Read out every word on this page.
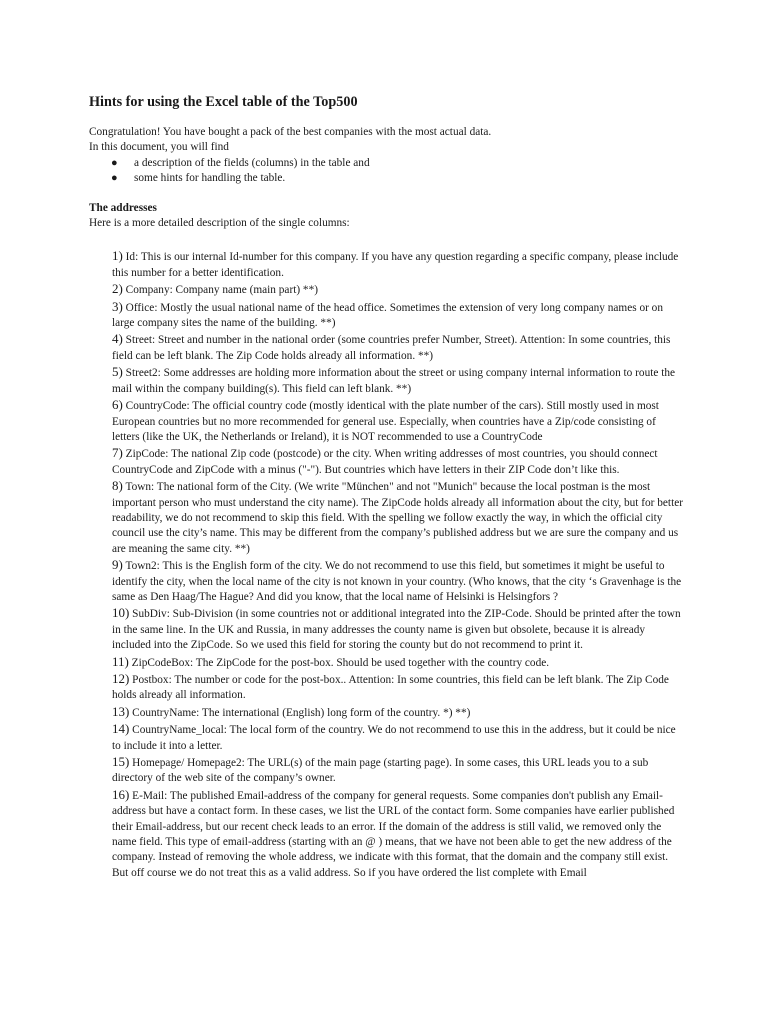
Hints for using the Excel table of the Top500

Congratulation! You have bought a pack of the best companies with the most actual data.

In this document, you will find

● a description of the fields (columns) in the table and
● some hints for handling the table.
The addresses

Here is a more detailed description of the single columns:

1) Id: This is our internal Id-number for this company. If you have any question regarding a specific company, please include this number for a better identification.
2) Company: Company name (main part) **)
3) Office: Mostly the usual national name of the head office. Sometimes the extension of very long company names or on large company sites the name of the building. **)
4) Street: Street and number in the national order (some countries prefer Number, Street). Attention: In some countries, this field can be left blank. The Zip Code holds already all information. **)
5) Street2: Some addresses are holding more information about the street or using company internal information to route the mail within the company building(s). This field can left blank. **)
6) CountryCode: The official country code (mostly identical with the plate number of the cars). Still mostly used in most European countries but no more recommended for general use. Especially, when countries have a Zip/code consisting of letters (like the UK, the Netherlands or Ireland), it is NOT recommended to use a CountryCode
7) ZipCode: The national Zip code (postcode) or the city. When writing addresses of most countries, you should connect CountryCode and ZipCode with a minus ("-"). But countries which have letters in their ZIP Code don’t like this.
8) Town: The national form of the City. (We write "München" and not "Munich" because the local postman is the most important person who must understand the city name). The ZipCode holds already all information about the city, but for better readability, we do not recommend to skip this field. With the spelling we follow exactly the way, in which the official city council use the city’s name. This may be different from the company’s published address but we are sure the company and us are meaning the same city. **)
9) Town2: This is the English form of the city. We do not recommend to use this field, but sometimes it might be useful to identify the city, when the local name of the city is not known in your country. (Who knows, that the city ‘s Gravenhage is the same as Den Haag/The Hague? And did you know, that the local name of Helsinki is Helsingfors ?
10) SubDiv: Sub-Division (in some countries not or additional integrated into the ZIP-Code. Should be printed after the town in the same line. In the UK and Russia, in many addresses the county name is given but obsolete, because it is already included into the ZipCode. So we used this field for storing the county but do not recommend to print it.
11) ZipCodeBox: The ZipCode for the post-box. Should be used together with the country code.
12) Postbox: The number or code for the post-box.. Attention: In some countries, this field can be left blank. The Zip Code holds already all information.
13) CountryName: The international (English) long form of the country. *) **)
14) CountryName_local: The local form of the country. We do not recommend to use this in the address, but it could be nice to include it into a letter.
15) Homepage/ Homepage2: The URL(s) of the main page (starting page). In some cases, this URL leads you to a sub directory of the web site of the company’s owner.
16) E-Mail: The published Email-address of the company for general requests. Some companies don't publish any Email-address but have a contact form. In these cases, we list the URL of the contact form. Some companies have earlier published their Email-address, but our recent check leads to an error. If the domain of the address is still valid, we removed only the name field. This type of email-address (starting with an @ ) means, that we have not been able to get the new address of the company. Instead of removing the whole address, we indicate with this format, that the domain and the company still exist.

But off course we do not treat this as a valid address. So if you have ordered the list complete with Email
